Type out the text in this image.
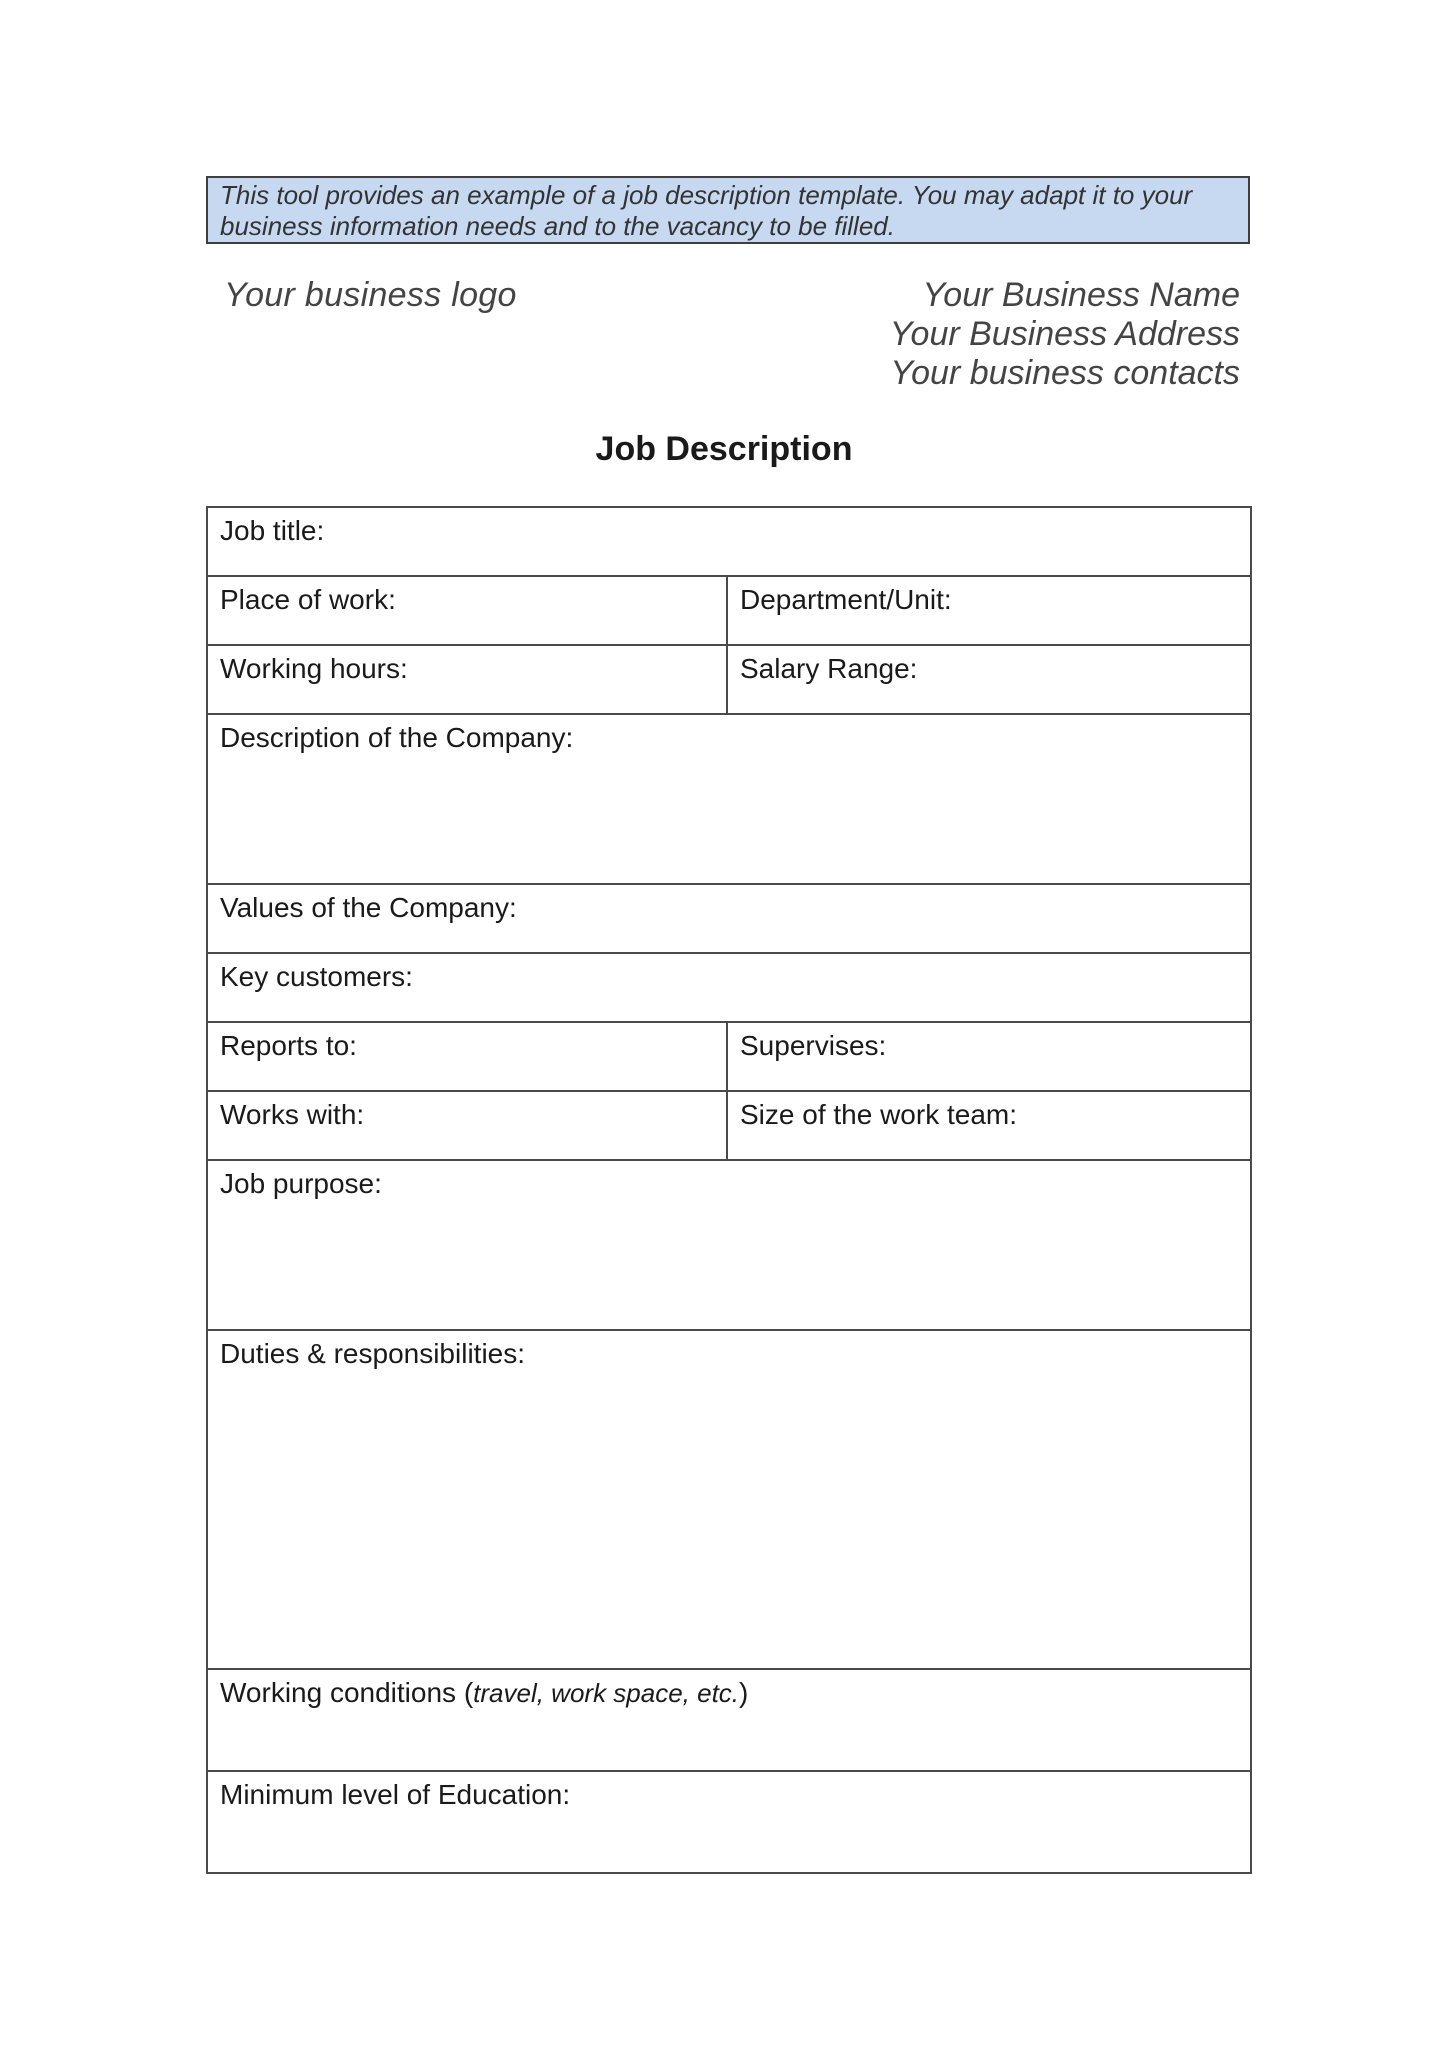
This tool provides an example of a job description template. You may adapt it to your business information needs and to the vacancy to be filled.
Your business logo	Your Business Name
Your Business Address
Your business contacts
Job Description
Job title:	
Place of work:	Department/Unit:
Working hours:	Salary Range:
Description of the Company:	
Values of the Company:	
Key customers:	
Reports to:	Supervises:
Works with:	Size of the work team:
Job purpose:	
Duties & responsibilities:	
Working conditions (travel, work space, etc.)	
Minimum level of Education:	
